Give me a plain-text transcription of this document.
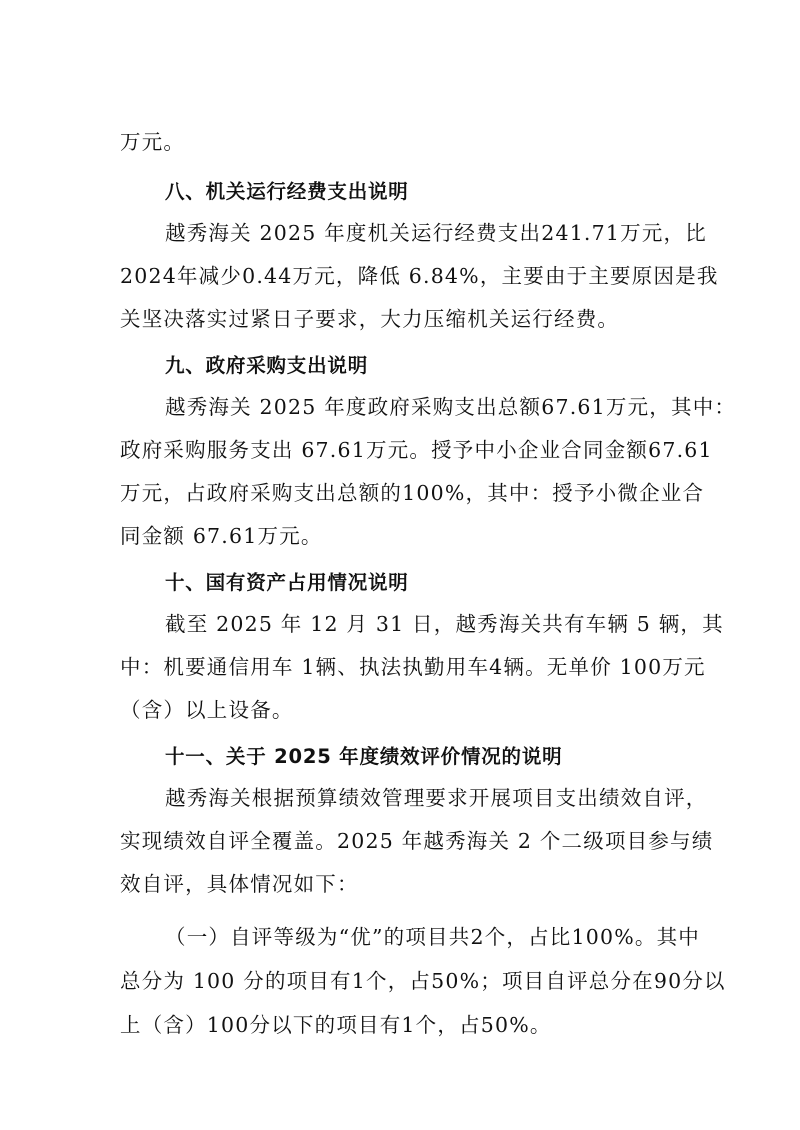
万元。
八、机关运行经费支出说明
越秀海关 2025 年度机关运行经费支出241.71万元，比
2024年减少0.44万元，降低 6.84%，主要由于主要原因是我
关坚决落实过紧日子要求，大力压缩机关运行经费。
九、政府采购支出说明
越秀海关 2025 年度政府采购支出总额67.61万元，其中：
政府采购服务支出 67.61万元。授予中小企业合同金额67.61
万元，占政府采购支出总额的100%，其中：授予小微企业合
同金额 67.61万元。
十、国有资产占用情况说明
截至 2025 年 12 月 31 日，越秀海关共有车辆 5 辆，其
中：机要通信用车 1辆、执法执勤用车4辆。无单价 100万元
（含）以上设备。
十一、关于 2025 年度绩效评价情况的说明
越秀海关根据预算绩效管理要求开展项目支出绩效自评，
实现绩效自评全覆盖。2025 年越秀海关 2 个二级项目参与绩
效自评，具体情况如下：
（一）自评等级为“优”的项目共2个，占比100%。其中
总分为 100 分的项目有1个，占50%；项目自评总分在90分以
上（含）100分以下的项目有1个，占50%。
